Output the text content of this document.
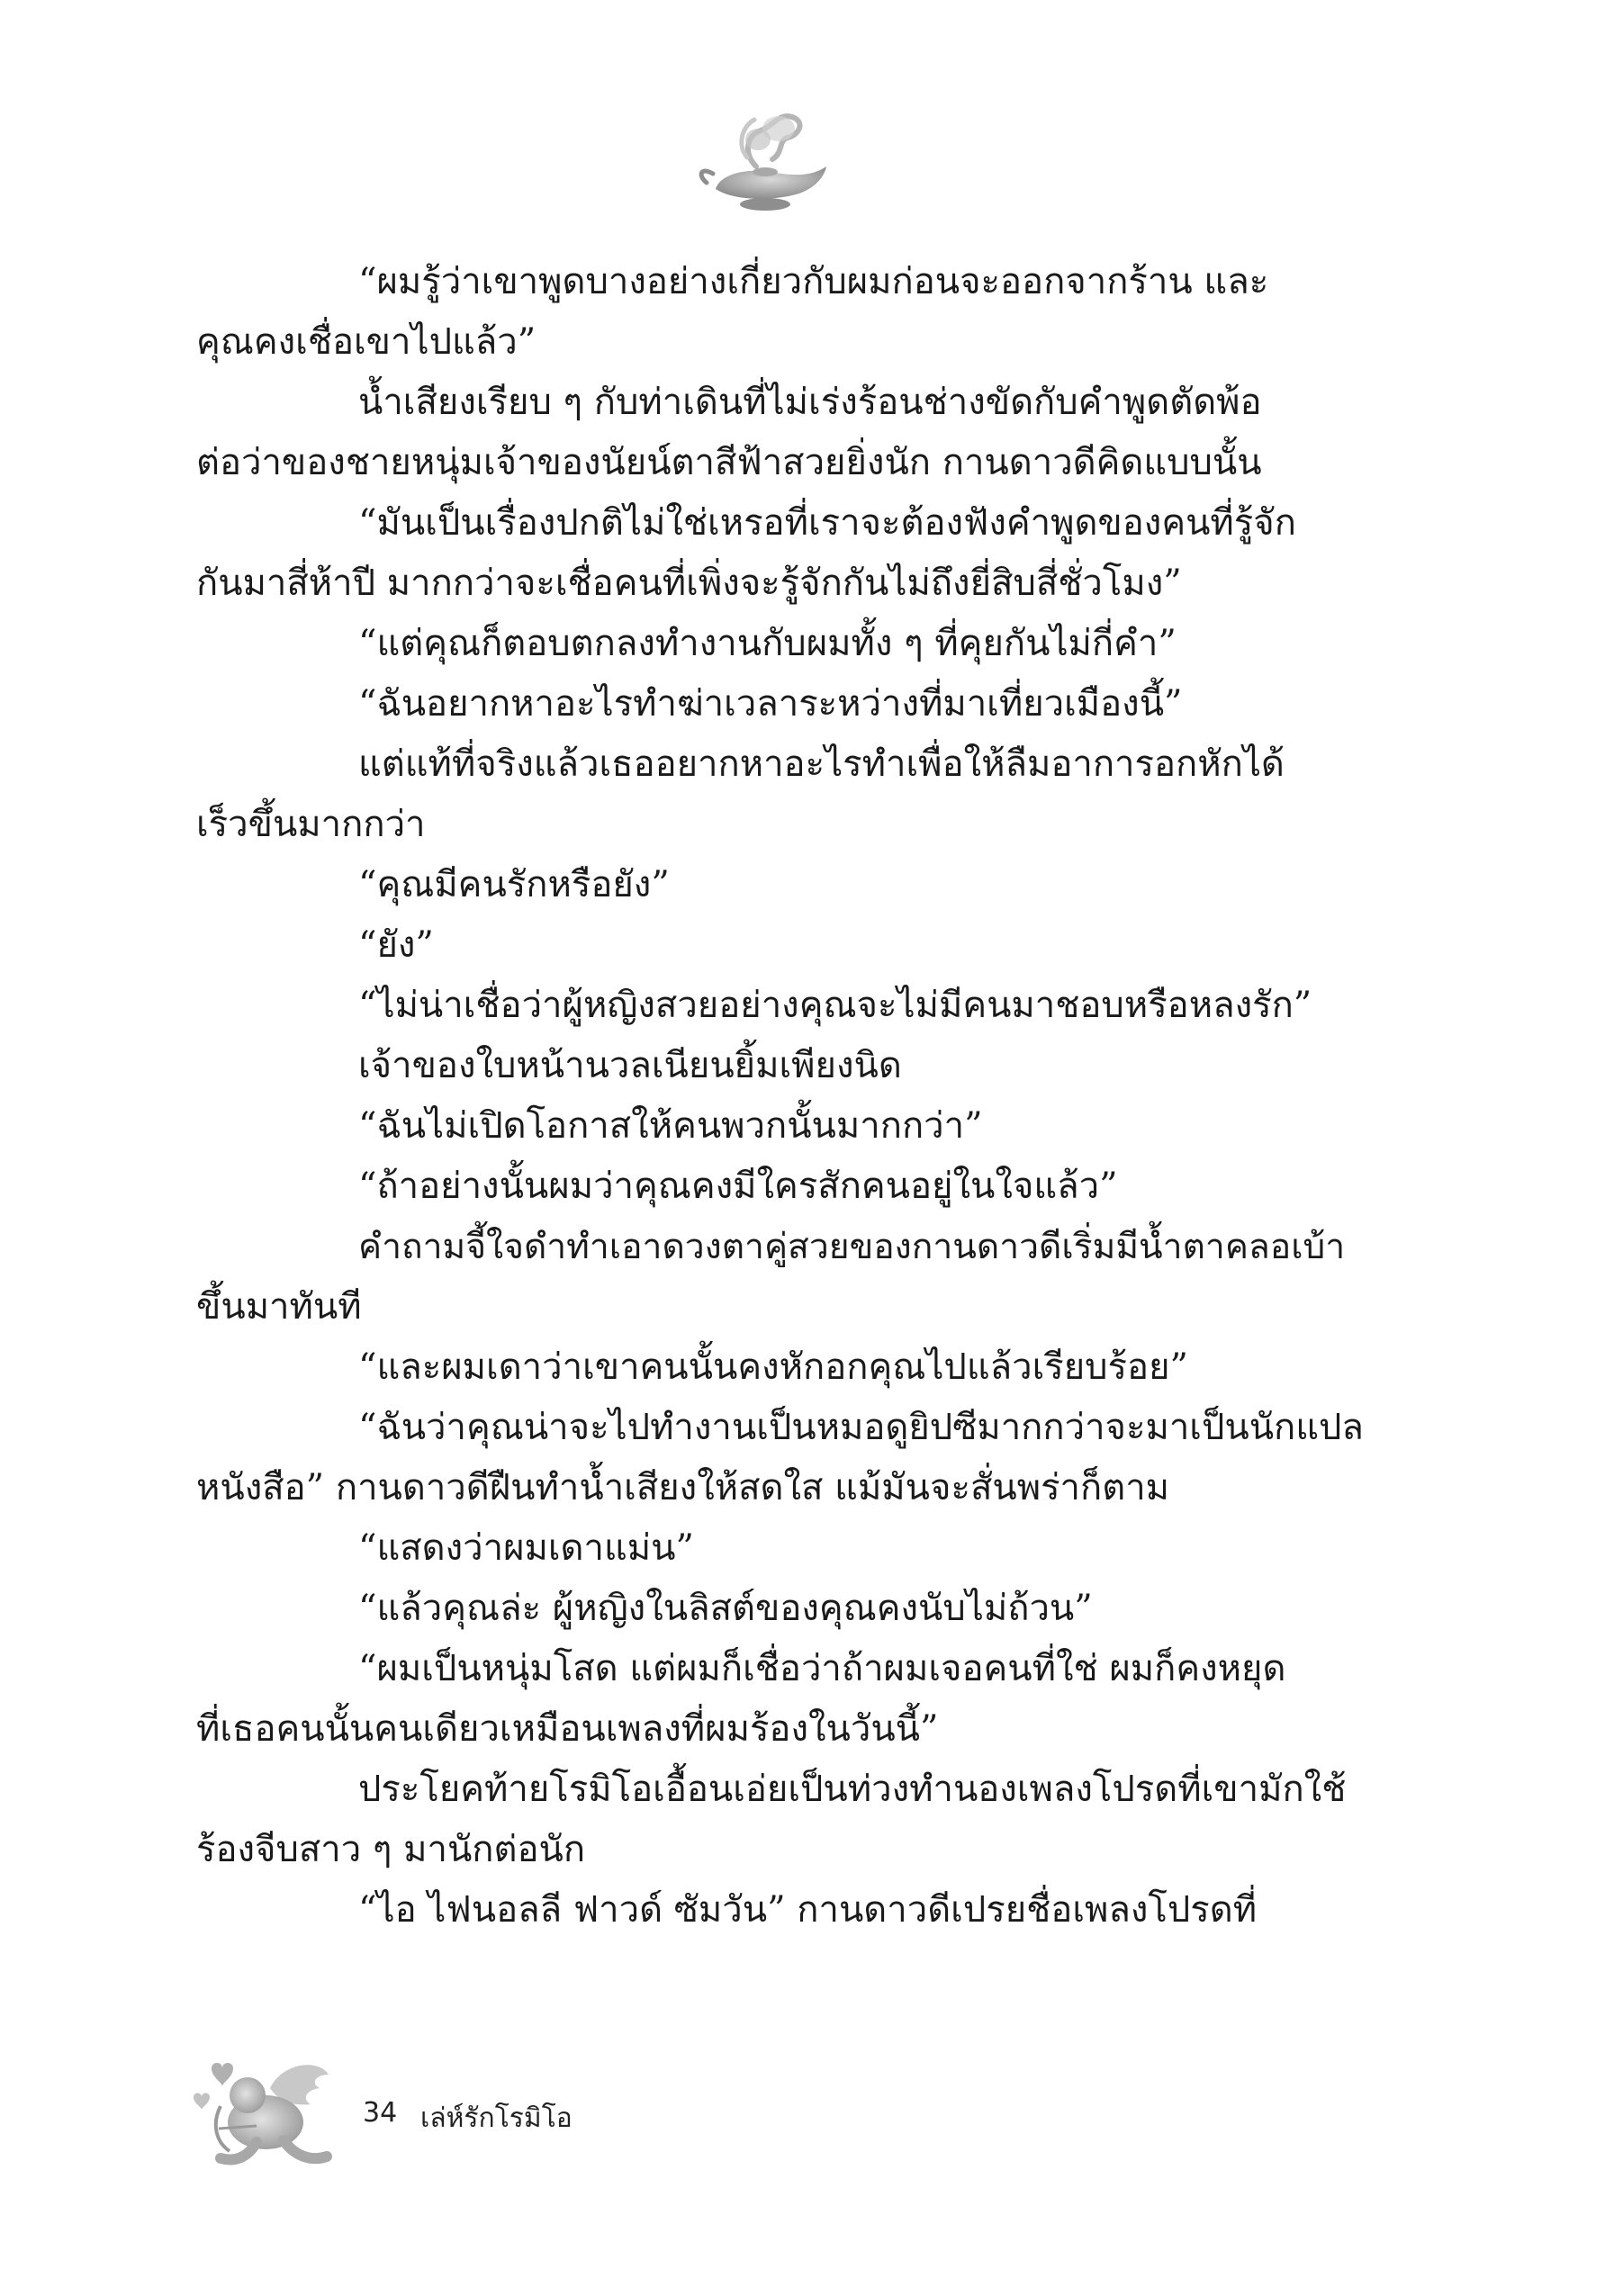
“ผมรู้ว่าเขาพูดบางอย่างเกี่ยวกับผมก่อนจะออกจากร้าน และ
คุณคงเชื่อเขาไปแล้ว”
น้ำเสียงเรียบ ๆ กับท่าเดินที่ไม่เร่งร้อนช่างขัดกับคำพูดตัดพ้อ
ต่อว่าของชายหนุ่มเจ้าของนัยน์ตาสีฟ้าสวยยิ่งนัก กานดาวดีคิดแบบนั้น
“มันเป็นเรื่องปกติไม่ใช่เหรอที่เราจะต้องฟังคำพูดของคนที่รู้จัก
กันมาสี่ห้าปี มากกว่าจะเชื่อคนที่เพิ่งจะรู้จักกันไม่ถึงยี่สิบสี่ชั่วโมง”
“แต่คุณก็ตอบตกลงทำงานกับผมทั้ง ๆ ที่คุยกันไม่กี่คำ”
“ฉันอยากหาอะไรทำฆ่าเวลาระหว่างที่มาเที่ยวเมืองนี้”
แต่แท้ที่จริงแล้วเธออยากหาอะไรทำเพื่อให้ลืมอาการอกหักได้
เร็วขึ้นมากกว่า
“คุณมีคนรักหรือยัง”
“ยัง”
“ไม่น่าเชื่อว่าผู้หญิงสวยอย่างคุณจะไม่มีคนมาชอบหรือหลงรัก”
เจ้าของใบหน้านวลเนียนยิ้มเพียงนิด
“ฉันไม่เปิดโอกาสให้คนพวกนั้นมากกว่า”
“ถ้าอย่างนั้นผมว่าคุณคงมีใครสักคนอยู่ในใจแล้ว”
คำถามจี้ใจดำทำเอาดวงตาคู่สวยของกานดาวดีเริ่มมีน้ำตาคลอเบ้า
ขึ้นมาทันที
“และผมเดาว่าเขาคนนั้นคงหักอกคุณไปแล้วเรียบร้อย”
“ฉันว่าคุณน่าจะไปทำงานเป็นหมอดูยิปซีมากกว่าจะมาเป็นนักแปล
หนังสือ” กานดาวดีฝืนทำน้ำเสียงให้สดใส แม้มันจะสั่นพร่าก็ตาม
“แสดงว่าผมเดาแม่น”
“แล้วคุณล่ะ ผู้หญิงในลิสต์ของคุณคงนับไม่ถ้วน”
“ผมเป็นหนุ่มโสด แต่ผมก็เชื่อว่าถ้าผมเจอคนที่ใช่ ผมก็คงหยุด
ที่เธอคนนั้นคนเดียวเหมือนเพลงที่ผมร้องในวันนี้”
ประโยคท้ายโรมิโอเอื้อนเอ่ยเป็นท่วงทำนองเพลงโปรดที่เขามักใช้
ร้องจีบสาว ๆ มานักต่อนัก
“ไอ ไฟนอลลี ฟาวด์ ซัมวัน” กานดาวดีเปรยชื่อเพลงโปรดที่
34 เล่ห์รักโรมิโอ
